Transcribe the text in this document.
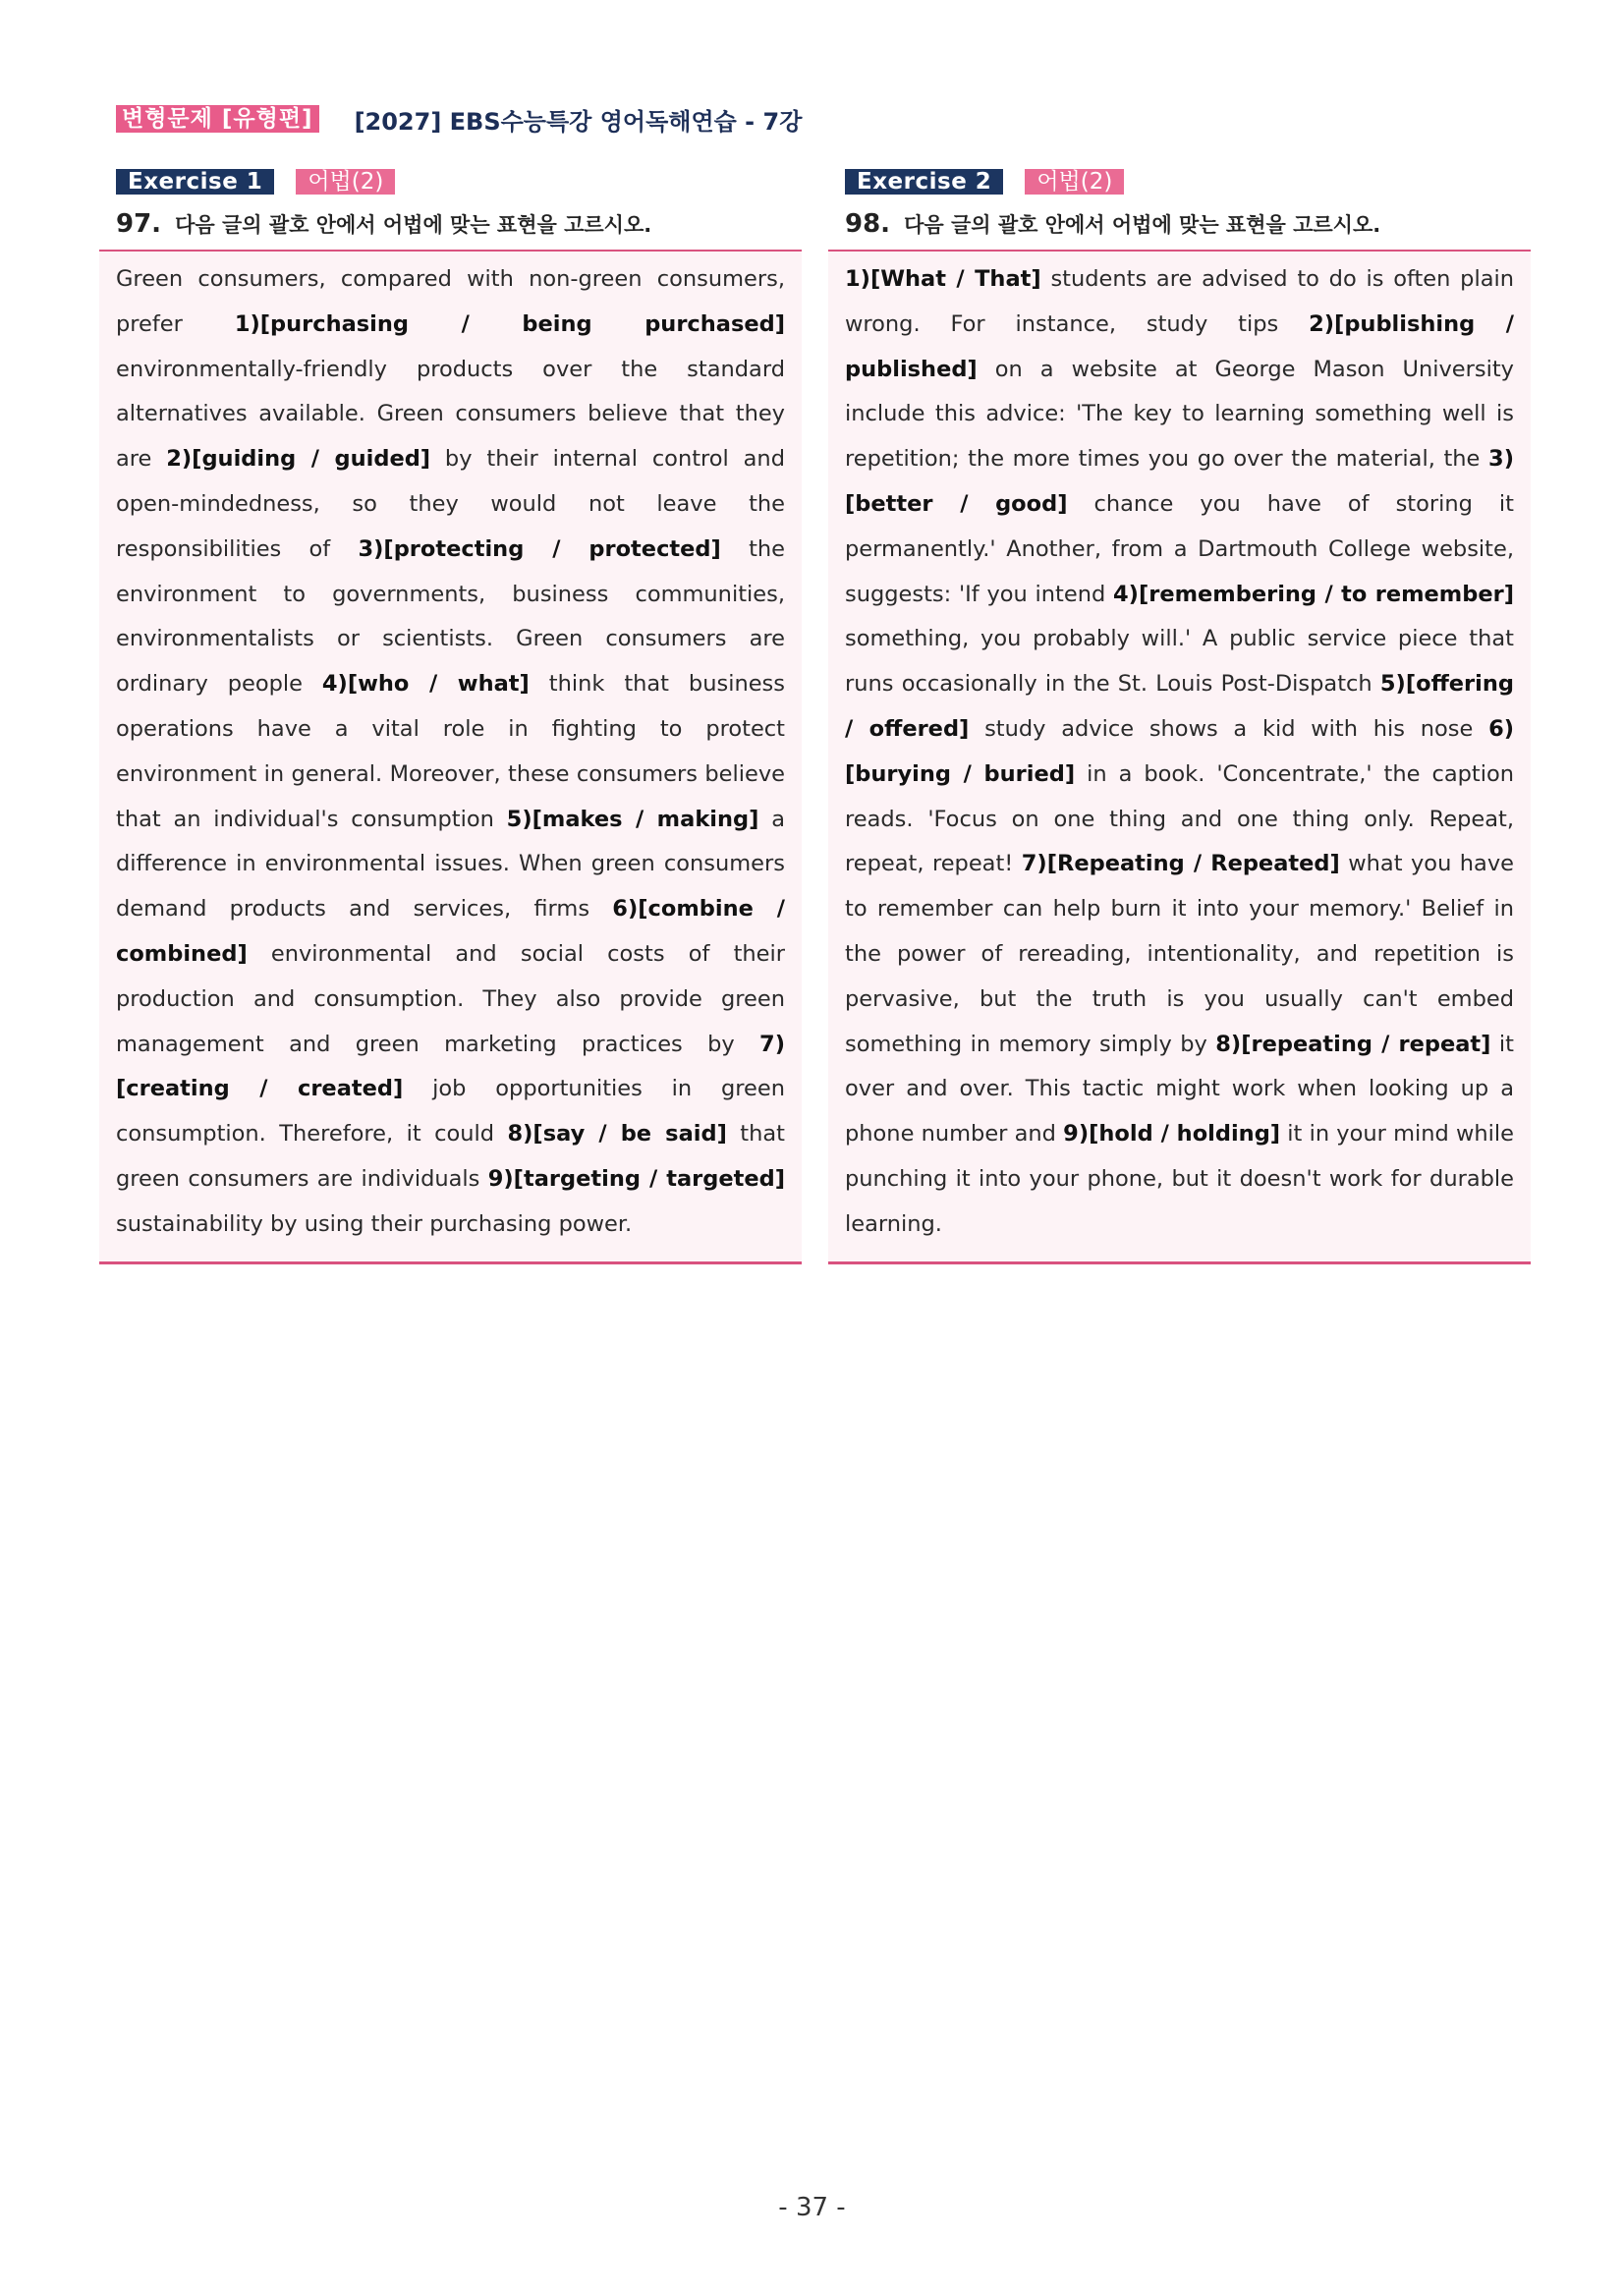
변형문제 [유형편] [2027] EBS수능특강 영어독해연습 - 7강
Exercise 1	어법(2)
97. 다음 글의 괄호 안에서 어법에 맞는 표현을 고르시오.

Green consumers, compared with non-green consumers, prefer 1)[purchasing / being purchased] environmentally-friendly products over the standard alternatives available. Green consumers believe that they are 2)[guiding / guided] by their internal control and open-mindedness, so they would not leave the responsibilities of 3)[protecting / protected] the environment to governments, business communities, environmentalists or scientists. Green consumers are ordinary people 4)[who / what] think that business operations have a vital role in fighting to protect environment in general. Moreover, these consumers believe that an individual's consumption 5)[makes / making] a difference in environmental issues. When green consumers demand products and services, firms 6)[combine / combined] environmental and social costs of their production and consumption. They also provide green management and green marketing practices by 7)[creating / created] job opportunities in green consumption. Therefore, it could 8)[say / be said] that green consumers are individuals 9)[targeting / targeted] sustainability by using their purchasing power.

Exercise 2	어법(2)
98. 다음 글의 괄호 안에서 어법에 맞는 표현을 고르시오.

1)[What / That] students are advised to do is often plain wrong. For instance, study tips 2)[publishing / published] on a website at George Mason University include this advice: 'The key to learning something well is repetition; the more times you go over the material, the 3)[better / good] chance you have of storing it permanently.' Another, from a Dartmouth College website, suggests: 'If you intend 4)[remembering / to remember] something, you probably will.' A public service piece that runs occasionally in the St. Louis Post-Dispatch 5)[offering / offered] study advice shows a kid with his nose 6)[burying / buried] in a book. 'Concentrate,' the caption reads. 'Focus on one thing and one thing only. Repeat, repeat, repeat! 7)[Repeating / Repeated] what you have to remember can help burn it into your memory.' Belief in the power of rereading, intentionality, and repetition is pervasive, but the truth is you usually can't embed something in memory simply by 8)[repeating / repeat] it over and over. This tactic might work when looking up a phone number and 9)[hold / holding] it in your mind while punching it into your phone, but it doesn't work for durable learning.

- 37 -
